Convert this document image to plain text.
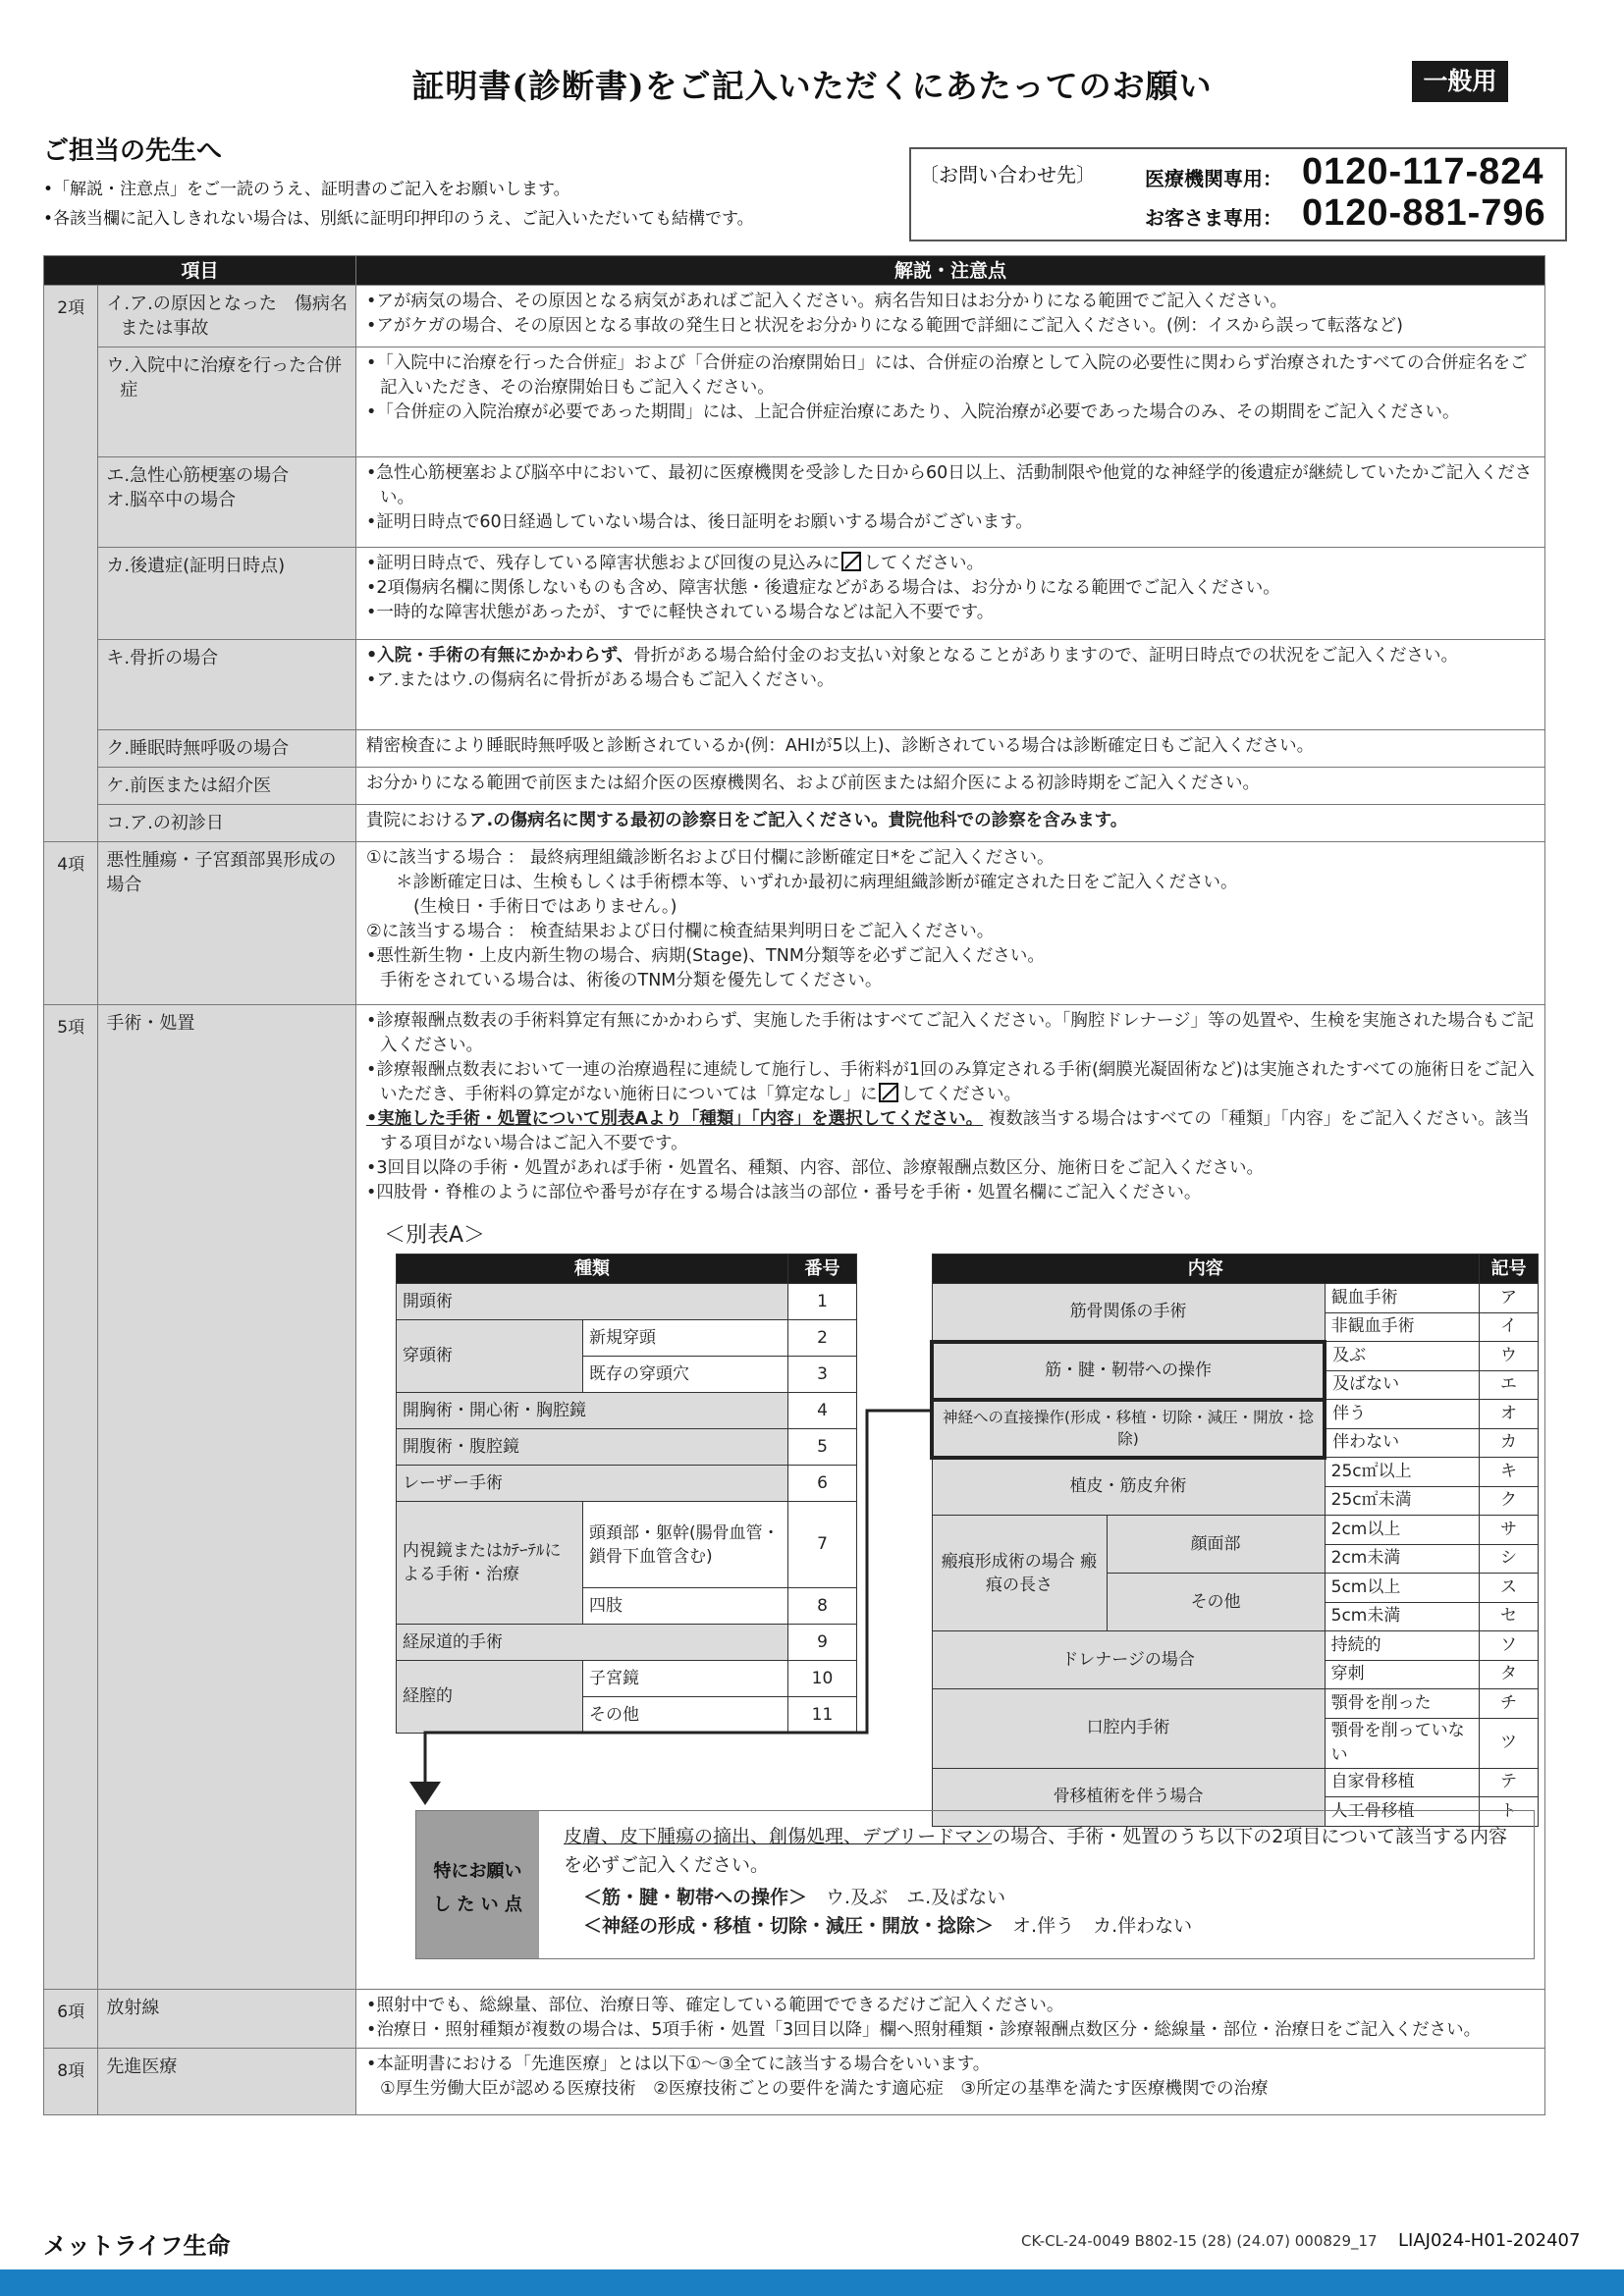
証明書(診断書)をご記入いただくにあたってのお願い	一般用
ご担当の先生へ
•「解説・注意点」をご一読のうえ、証明書のご記入をお願いします。
•各該当欄に記入しきれない場合は、別紙に証明印押印のうえ、ご記入いただいても結構です。
〔お問い合わせ先〕	医療機関専用： 0120-117-824
お客さま専用： 0120-881-796
項目	解説・注意点
2項	イ.ア.の原因となった　傷病名または事故

•アが病気の場合、その原因となる病気があればご記入ください。病名告知日はお分かりになる範囲でご記入ください。
•アがケガの場合、その原因となる事故の発生日と状況をお分かりになる範囲で詳細にご記入ください。(例：イスから誤って転落など)

ウ.入院中に治療を行った合併症

•「入院中に治療を行った合併症」および「合併症の治療開始日」には、合併症の治療として入院の必要性に関わらず治療されたすべての合併症名をご記入いただき、その治療開始日もご記入ください。
•「合併症の入院治療が必要であった期間」には、上記合併症治療にあたり、入院治療が必要であった場合のみ、その期間をご記入ください。

エ.急性心筋梗塞の場合
オ.脳卒中の場合	
•急性心筋梗塞および脳卒中において、最初に医療機関を受診した日から60日以上、活動制限や他覚的な神経学的後遺症が継続していたかご記入ください。
•証明日時点で60日経過していない場合は、後日証明をお願いする場合がございます。

カ.後遺症(証明日時点)	•証明日時点で、残存している障害状態および回復の見込みに してください。
•2項傷病名欄に関係しないものも含め、障害状態・後遺症などがある場合は、お分かりになる範囲でご記入ください。
•一時的な障害状態があったが、すでに軽快されている場合などは記入不要です。

キ.骨折の場合	•入院・手術の有無にかかわらず、骨折がある場合給付金のお支払い対象となることがありますので、証明日時点での状況をご記入ください。
•ア.またはウ.の傷病名に骨折がある場合もご記入ください。

ク.睡眠時無呼吸の場合	精密検査により睡眠時無呼吸と診断されているか(例：AHIが5以上)、診断されている場合は診断確定日もご記入ください。
ケ.前医または紹介医	お分かりになる範囲で前医または紹介医の医療機関名、および前医または紹介医による初診時期をご記入ください。
コ.ア.の初診日	貴院におけるア.の傷病名に関する最初の診察日をご記入ください。貴院他科での診察を含みます。
4項	悪性腫瘍・子宮頚部異形成の場合	
①に該当する場合 ： 最終病理組織診断名および日付欄に診断確定日*をご記入ください。
＊診断確定日は、生検もしくは手術標本等、いずれか最初に病理組織診断が確定された日をご記入ください。
(生検日・手術日ではありません。)
②に該当する場合 ： 検査結果および日付欄に検査結果判明日をご記入ください。
•悪性新生物・上皮内新生物の場合、病期(Stage)、TNM分類等を必ずご記入ください。
手術をされている場合は、術後のTNM分類を優先してください。

5項	手術・処置	•診療報酬点数表の手術料算定有無にかかわらず、実施した手術はすべてご記入ください。「胸腔ドレナージ」等の処置や、生検を実施された場合もご記入ください。
•診療報酬点数表において一連の治療過程に連続して施行し、手術料が1回のみ算定される手術(網膜光凝固術など)は実施されたすべての施術日をご記入いただき、手術料の算定がない施術日については「算定なし」に してください。
•実施した手術・処置について別表Aより「種類」「内容」を選択してください。 複数該当する場合はすべての「種類」「内容」をご記入ください。該当する項目がない場合はご記入不要です。
•3回目以降の手術・処置があれば手術・処置名、種類、内容、部位、診療報酬点数区分、施術日をご記入ください。
•四肢骨・脊椎のように部位や番号が存在する場合は該当の部位・番号を手術・処置名欄にご記入ください。
＜別表A＞
種類	番号
開頭術	1
穿頭術	新規穿頭	2
既存の穿頭穴	3
開胸術・開心術・胸腔鏡	4
開腹術・腹腔鏡	5
レーザー手術	6
内視鏡またはｶﾃｰﾃﾙによる手術・治療	頭頚部・躯幹(腸骨血管・鎖骨下血管含む)	7
四肢	8
経尿道的手術	9
経膣的	子宮鏡	10
その他	11
内容	記号
筋骨関係の手術	観血手術	ア
非観血手術	イ
筋・腱・靭帯への操作	及ぶ	ウ
及ばない	エ
神経への直接操作(形成・移植・切除・減圧・開放・捻除)	伴う	オ
伴わない	カ
植皮・筋皮弁術	25c㎡以上	キ
25c㎡未満	ク
瘢痕形成術の場合 瘢痕の長さ	顔面部	2cm以上	サ
2cm未満	シ
その他	5cm以上	ス
5cm未満	セ
ドレナージの場合	持続的	ソ
穿刺	タ
口腔内手術	顎骨を削った	チ
顎骨を削っていない	ツ
骨移植術を伴う場合	自家骨移植	テ
人工骨移植	ト
特にお願い
し た い 点
皮膚、皮下腫瘍の摘出、創傷処理、デブリードマンの場合、手術・処置のうち以下の2項目について該当する内容を必ずご記入ください。
＜筋・腱・靭帯への操作＞　 ウ.及ぶ　エ.及ばない
＜神経の形成・移植・切除・減圧・開放・捻除＞　 オ.伴う　カ.伴わない

6項	放射線	•照射中でも、総線量、部位、治療日等、確定している範囲でできるだけご記入ください。
•治療日・照射種類が複数の場合は、5項手術・処置「3回目以降」欄へ照射種類・診療報酬点数区分・総線量・部位・治療日をご記入ください。

8項	先進医療	•本証明書における「先進医療」とは以下①〜③全てに該当する場合をいいます。
①厚生労働大臣が認める医療技術　②医療技術ごとの要件を満たす適応症　③所定の基準を満たす医療機関での治療
メットライフ生命	CK-CL-24-0049 B802-15 (28) (24.07) 000829_17 LIAJ024-H01-202407
